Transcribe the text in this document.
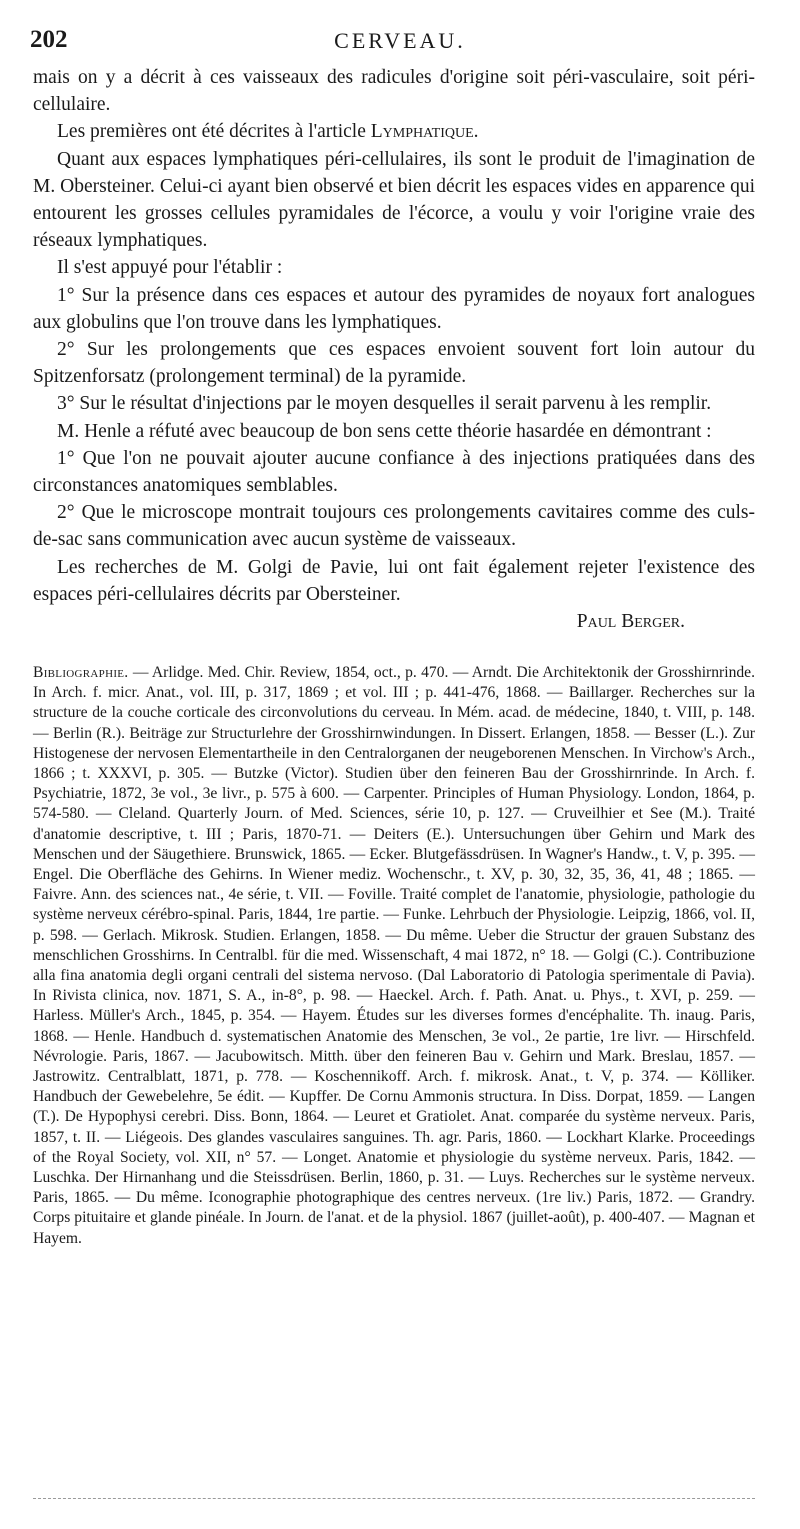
202	CERVEAU.

mais on y a décrit à ces vaisseaux des radicules d'origine soit péri-vasculaire, soit péri-cellulaire.

Les premières ont été décrites à l'article Lymphatique.

Quant aux espaces lymphatiques péri-cellulaires, ils sont le produit de l'imagination de M. Obersteiner. Celui-ci ayant bien observé et bien décrit les espaces vides en apparence qui entourent les grosses cellules pyramidales de l'écorce, a voulu y voir l'origine vraie des réseaux lymphatiques.

Il s'est appuyé pour l'établir :

1° Sur la présence dans ces espaces et autour des pyramides de noyaux fort analogues aux globulins que l'on trouve dans les lymphatiques.

2° Sur les prolongements que ces espaces envoient souvent fort loin autour du Spitzenforsatz (prolongement terminal) de la pyramide.

3° Sur le résultat d'injections par le moyen desquelles il serait parvenu à les remplir.

M. Henle a réfuté avec beaucoup de bon sens cette théorie hasardée en démontrant :

1° Que l'on ne pouvait ajouter aucune confiance à des injections pratiquées dans des circonstances anatomiques semblables.

2° Que le microscope montrait toujours ces prolongements cavitaires comme des culs-de-sac sans communication avec aucun système de vaisseaux.

Les recherches de M. Golgi de Pavie, lui ont fait également rejeter l'existence des espaces péri-cellulaires décrits par Obersteiner.

Paul Berger.

Bibliographie. — Arlidge. Med. Chir. Review, 1854, oct., p. 470. — Arndt. Die Architektonik der Grosshirnrinde. In Arch. f. micr. Anat., vol. III, p. 317, 1869 ; et vol. III ; p. 441-476, 1868. — Baillarger. Recherches sur la structure de la couche corticale des circonvolutions du cerveau. In Mém. acad. de médecine, 1840, t. VIII, p. 148. — Berlin (R.). Beiträge zur Structurlehre der Grosshirnwindungen. In Dissert. Erlangen, 1858. — Besser (L.). Zur Histogenese der nervosen Elementartheile in den Centralorganen der neugeborenen Menschen. In Virchow's Arch., 1866 ; t. XXXVI, p. 305. — Butzke (Victor). Studien über den feineren Bau der Grosshirnrinde. In Arch. f. Psychiatrie, 1872, 3e vol., 3e livr., p. 575 à 600. — Carpenter. Principles of Human Physiology. London, 1864, p. 574-580. — Cleland. Quarterly Journ. of Med. Sciences, série 10, p. 127. — Cruveilhier et See (M.). Traité d'anatomie descriptive, t. III ; Paris, 1870-71. — Deiters (E.). Untersuchungen über Gehirn und Mark des Menschen und der Säugethiere. Brunswick, 1865. — Ecker. Blutgefässdrüsen. In Wagner's Handw., t. V, p. 395. — Engel. Die Oberfläche des Gehirns. In Wiener mediz. Wochenschr., t. XV, p. 30, 32, 35, 36, 41, 48 ; 1865. — Faivre. Ann. des sciences nat., 4e série, t. VII. — Foville. Traité complet de l'anatomie, physiologie, pathologie du système nerveux cérébro-spinal. Paris, 1844, 1re partie. — Funke. Lehrbuch der Physiologie. Leipzig, 1866, vol. II, p. 598. — Gerlach. Mikrosk. Studien. Erlangen, 1858. — Du même. Ueber die Structur der grauen Substanz des menschlichen Grosshirns. In Centralbl. für die med. Wissenschaft, 4 mai 1872, n° 18. — Golgi (C.). Contribuzione alla fina anatomia degli organi centrali del sistema nervoso. (Dal Laboratorio di Patologia sperimentale di Pavia). In Rivista clinica, nov. 1871, S. A., in-8°, p. 98. — Haeckel. Arch. f. Path. Anat. u. Phys., t. XVI, p. 259. — Harless. Müller's Arch., 1845, p. 354. — Hayem. Études sur les diverses formes d'encéphalite. Th. inaug. Paris, 1868. — Henle. Handbuch d. systematischen Anatomie des Menschen, 3e vol., 2e partie, 1re livr. — Hirschfeld. Névrologie. Paris, 1867. — Jacubowitsch. Mitth. über den feineren Bau v. Gehirn und Mark. Breslau, 1857. — Jastrowitz. Centralblatt, 1871, p. 778. — Koschennikoff. Arch. f. mikrosk. Anat., t. V, p. 374. — Kölliker. Handbuch der Gewebelehre, 5e édit. — Kupffer. De Cornu Ammonis structura. In Diss. Dorpat, 1859. — Langen (T.). De Hypophysi cerebri. Diss. Bonn, 1864. — Leuret et Gratiolet. Anat. comparée du système nerveux. Paris, 1857, t. II. — Liégeois. Des glandes vasculaires sanguines. Th. agr. Paris, 1860. — Lockhart Klarke. Proceedings of the Royal Society, vol. XII, n° 57. — Longet. Anatomie et physiologie du système nerveux. Paris, 1842. — Luschka. Der Hirnanhang und die Steissdrüsen. Berlin, 1860, p. 31. — Luys. Recherches sur le système nerveux. Paris, 1865. — Du même. Iconographie photographique des centres nerveux. (1re liv.) Paris, 1872. — Grandry. Corps pituitaire et glande pinéale. In Journ. de l'anat. et de la physiol. 1867 (juillet-août), p. 400-407. — Magnan et Hayem.
